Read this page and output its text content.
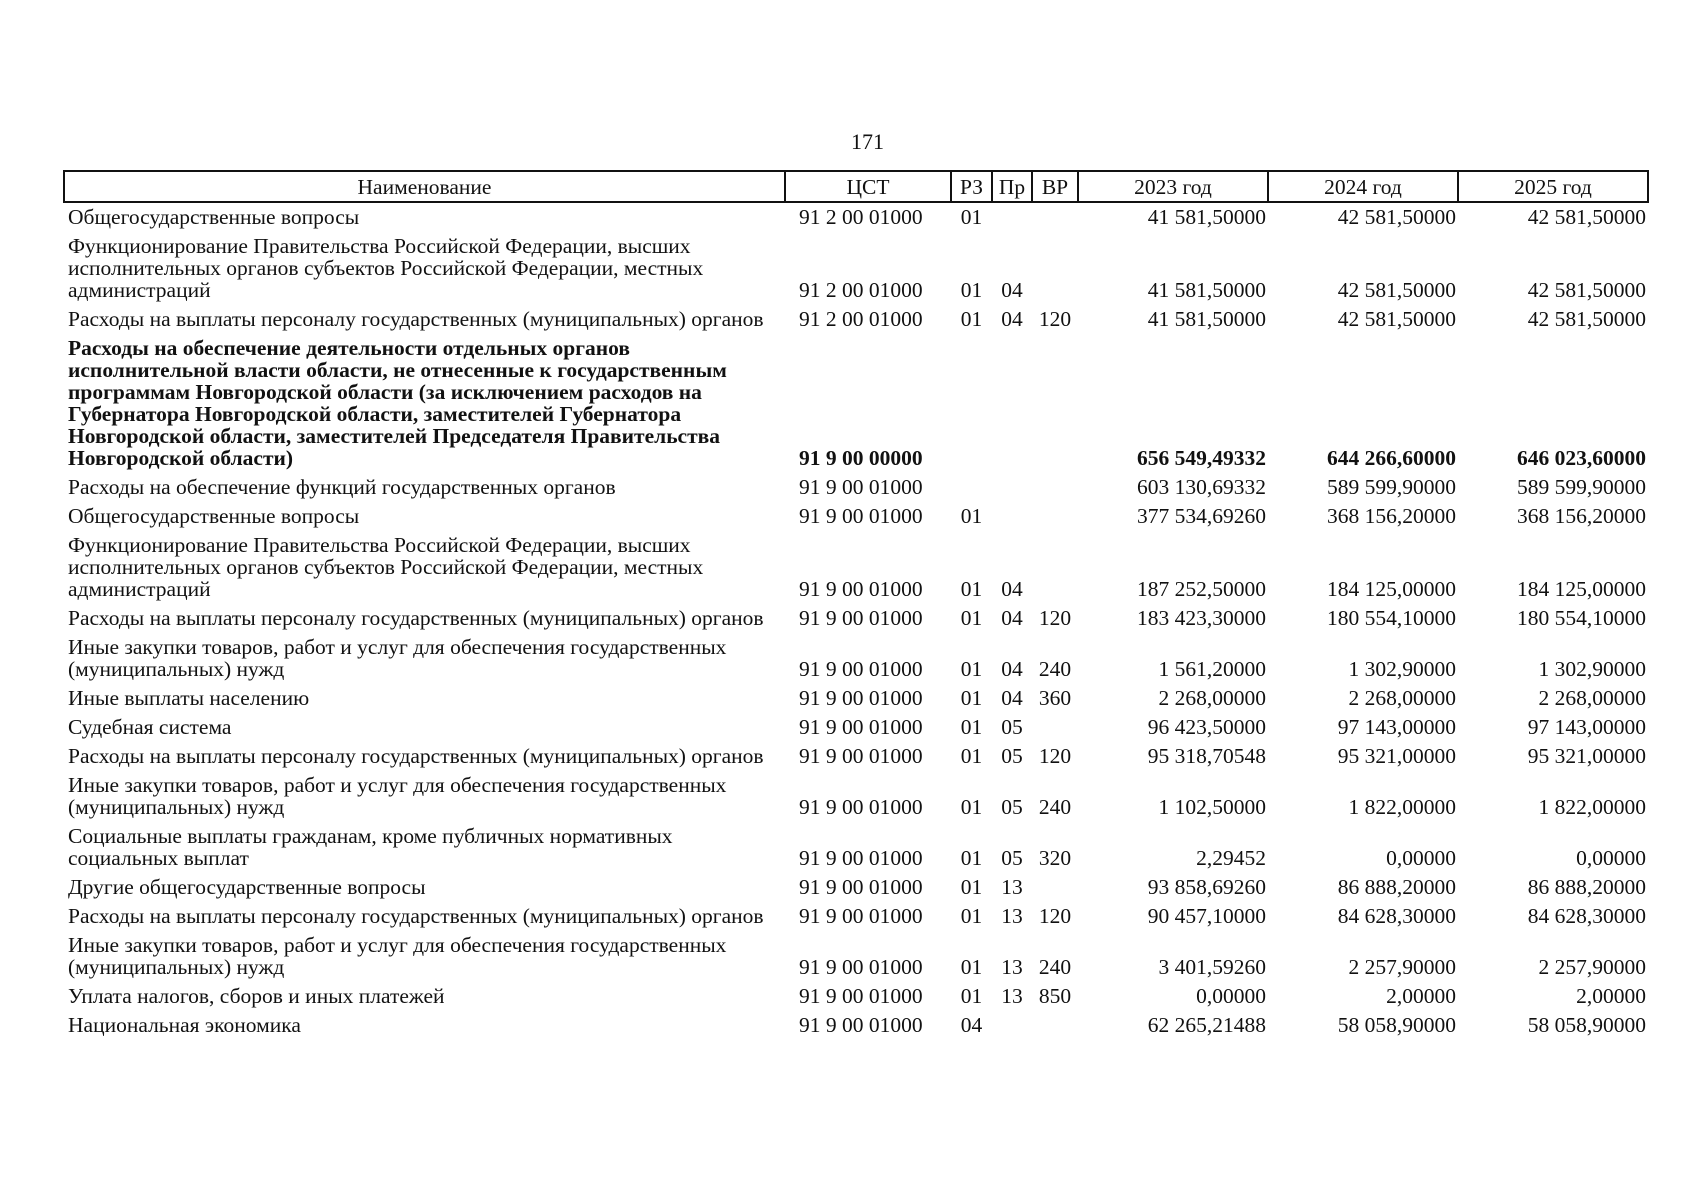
171
Наименование	ЦСТ	РЗ	Пр	ВР	2023 год	2024 год	2025 год
Общегосударственные вопросы	91 2 00 01000	01			41 581,50000	42 581,50000	42 581,50000
Функционирование Правительства Российской Федерации, высших исполнительных органов субъектов Российской Федерации, местных администраций	91 2 00 01000	01	04		41 581,50000	42 581,50000	42 581,50000
Расходы на выплаты персоналу государственных (муниципальных) органов	91 2 00 01000	01	04	120	41 581,50000	42 581,50000	42 581,50000
Расходы на обеспечение деятельности отдельных органов исполнительной власти области, не отнесенные к государственным программам Новгородской области (за исключением расходов на Губернатора Новгородской области, заместителей Губернатора Новгородской области, заместителей Председателя Правительства Новгородской области)	91 9 00 00000				656 549,49332	644 266,60000	646 023,60000
Расходы на обеспечение функций государственных органов	91 9 00 01000				603 130,69332	589 599,90000	589 599,90000
Общегосударственные вопросы	91 9 00 01000	01			377 534,69260	368 156,20000	368 156,20000
Функционирование Правительства Российской Федерации, высших исполнительных органов субъектов Российской Федерации, местных администраций	91 9 00 01000	01	04		187 252,50000	184 125,00000	184 125,00000
Расходы на выплаты персоналу государственных (муниципальных) органов	91 9 00 01000	01	04	120	183 423,30000	180 554,10000	180 554,10000
Иные закупки товаров, работ и услуг для обеспечения государственных (муниципальных) нужд	91 9 00 01000	01	04	240	1 561,20000	1 302,90000	1 302,90000
Иные выплаты населению	91 9 00 01000	01	04	360	2 268,00000	2 268,00000	2 268,00000
Судебная система	91 9 00 01000	01	05		96 423,50000	97 143,00000	97 143,00000
Расходы на выплаты персоналу государственных (муниципальных) органов	91 9 00 01000	01	05	120	95 318,70548	95 321,00000	95 321,00000
Иные закупки товаров, работ и услуг для обеспечения государственных (муниципальных) нужд	91 9 00 01000	01	05	240	1 102,50000	1 822,00000	1 822,00000
Социальные выплаты гражданам, кроме публичных нормативных социальных выплат	91 9 00 01000	01	05	320	2,29452	0,00000	0,00000
Другие общегосударственные вопросы	91 9 00 01000	01	13		93 858,69260	86 888,20000	86 888,20000
Расходы на выплаты персоналу государственных (муниципальных) органов	91 9 00 01000	01	13	120	90 457,10000	84 628,30000	84 628,30000
Иные закупки товаров, работ и услуг для обеспечения государственных (муниципальных) нужд	91 9 00 01000	01	13	240	3 401,59260	2 257,90000	2 257,90000
Уплата налогов, сборов и иных платежей	91 9 00 01000	01	13	850	0,00000	2,00000	2,00000
Национальная экономика	91 9 00 01000	04			62 265,21488	58 058,90000	58 058,90000
